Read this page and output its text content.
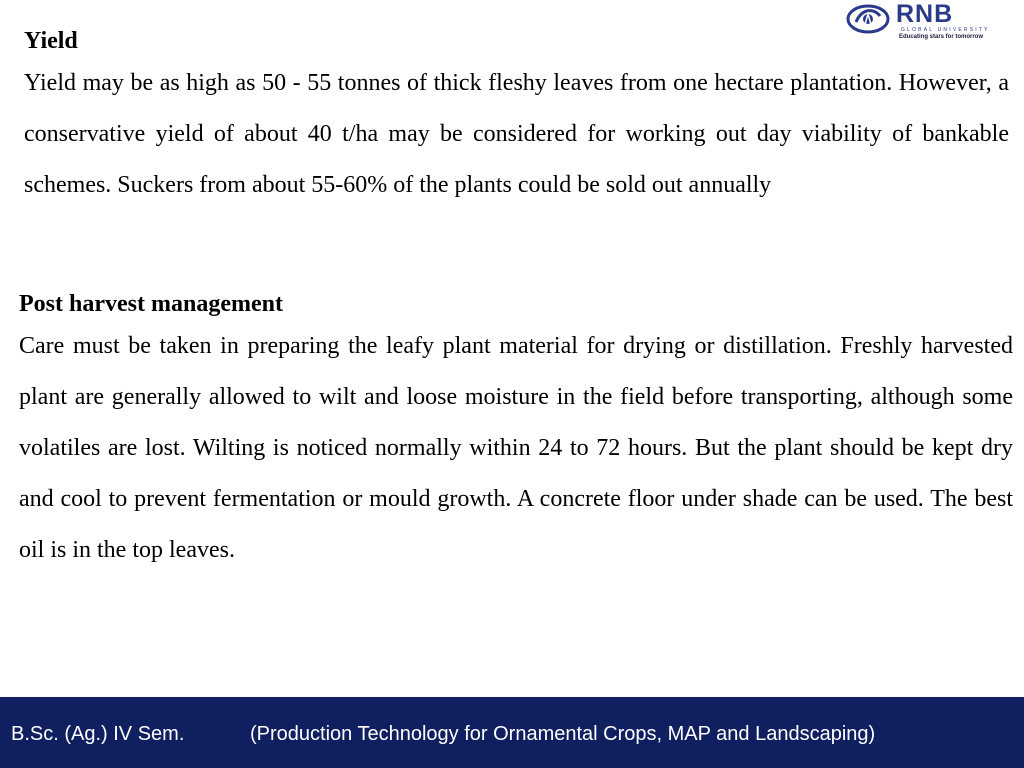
RNB
GLOBAL UNIVERSITY
Educating stars for tomorrow

Yield

Yield may be as high as 50 - 55 tonnes of thick fleshy leaves from one hectare plantation. However, a conservative yield of about 40 t/ha may be considered for working out day viability of bankable schemes. Suckers from about 55-60% of the plants could be sold out annually

Post harvest management

Care must be taken in preparing the leafy plant material for drying or distillation. Freshly harvested plant are generally allowed to wilt and loose moisture in the field before transporting, although some volatiles are lost. Wilting is noticed normally within 24 to 72 hours. But the plant should be kept dry and cool to prevent fermentation or mould growth. A concrete floor under shade can be used. The best oil is in the top leaves.

B.Sc. (Ag.) IV Sem.	(Production Technology for Ornamental Crops, MAP and Landscaping)
